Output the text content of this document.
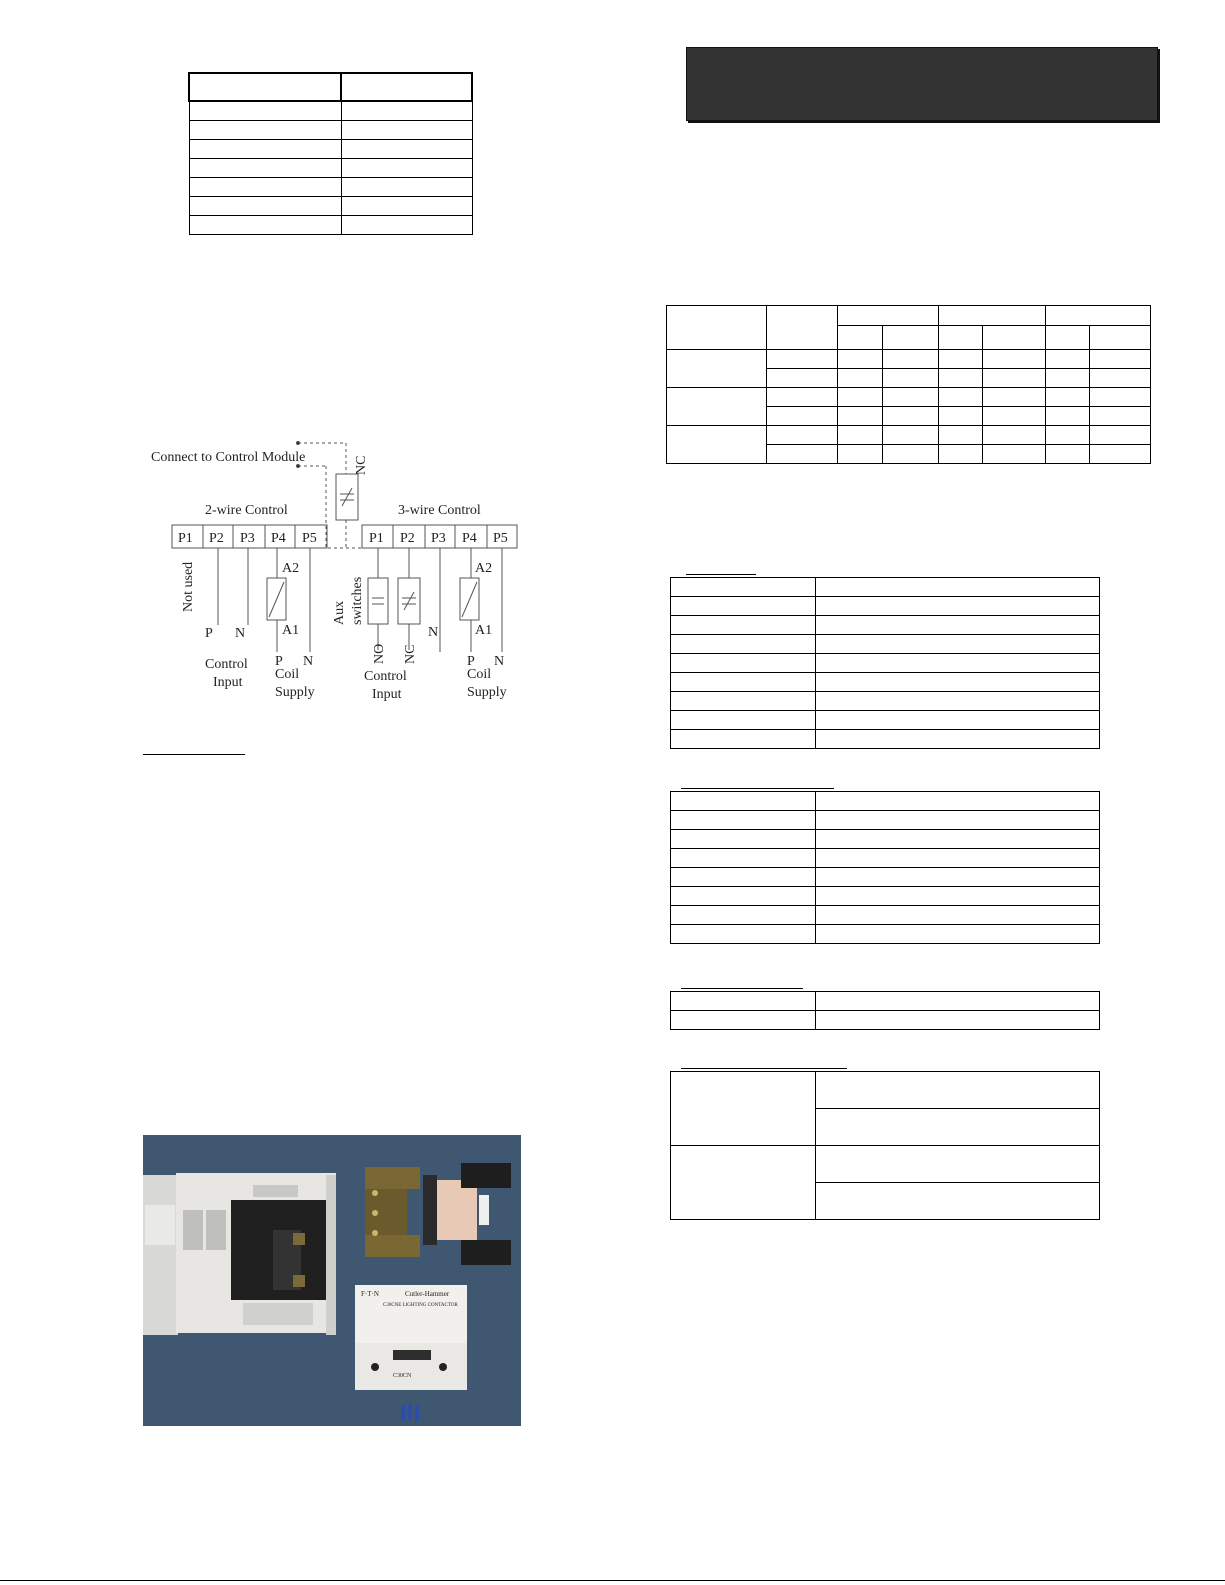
Connect to Control Module	NC
2-wire Control	3-wire Control
P1 P2 P3 P4 P5	P1 P2 P3 P4 P5
Not used
P N
Control
Input
A2
A1
P N
Coil
Supply
Aux switches
NO NC
N
Control
Input
A2
A1
P N
Coil
Supply
F·T·N	Cutler-Hammer
C30CNE LIGHTING CONTACTOR
C30CN
